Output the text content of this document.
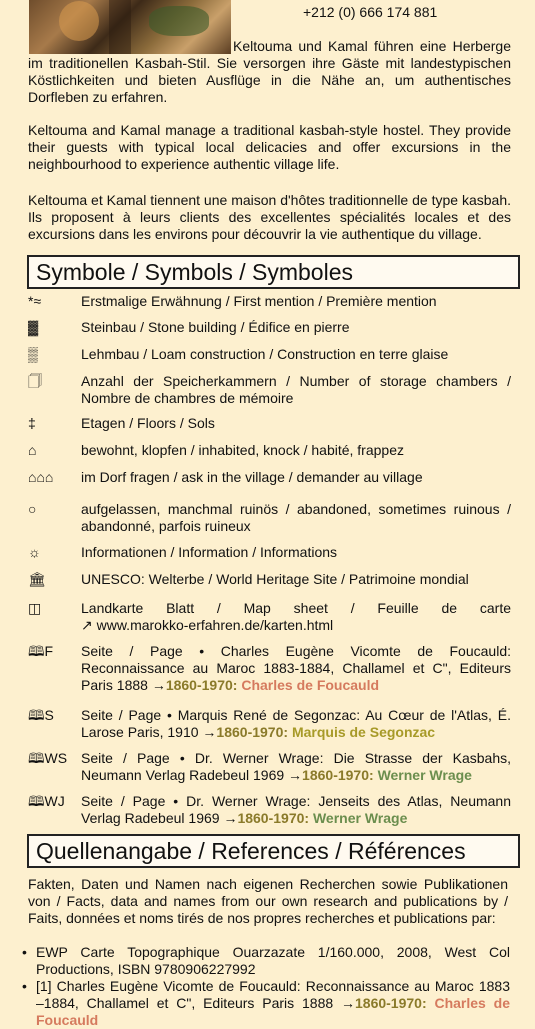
+212 (0) 666 174 881
Keltouma und Kamal führen eine Herberge im traditionellen Kasbah-Stil. Sie versorgen ihre Gäste mit landestypischen Köstlichkeiten und bieten Ausflüge in die Nähe an, um authentisches Dorfleben zu erfahren.
Keltouma and Kamal manage a traditional kasbah-style hostel. They provide their guests with typical local delicacies and offer excursions in the neighbourhood to experience authentic village life.
Keltouma et Kamal tiennent une maison d'hôtes traditionnelle de type kasbah. Ils proposent à leurs clients des excellentes spécialités locales et des excursions dans les environs pour découvrir la vie authentique du village.
Symbole / Symbols / Symboles
*≈	Erstmalige Erwähnung / First mention / Première mention
▓	Steinbau / Stone building / Édifice en pierre
▒	Lehmbau / Loam construction / Construction en terre glaise
🗍	Anzahl der Speicherkammern / Number of storage chambers / Nombre de chambres de mémoire
‡	Etagen / Floors / Sols
⌂	bewohnt, klopfen / inhabited, knock / habité, frappez
⌂⌂⌂	im Dorf fragen / ask in the village / demander au village
○	aufgelassen, manchmal ruinös / abandoned, sometimes ruinous / abandonné, parfois ruineux
☼	Informationen / Information / Informations
🏛	UNESCO: Welterbe / World Heritage Site / Patrimoine mondial
◫	Landkarte Blatt / Map sheet / Feuille de carte
↗ www.marokko-erfahren.de/karten.html
🕮F	Seite / Page • Charles Eugène Vicomte de Foucauld: Reconnaissance au Maroc 1883-1884, Challamel et C", Editeurs Paris 1888 →1860-1970: Charles de Foucauld
🕮S	Seite / Page • Marquis René de Segonzac: Au Cœur de l'Atlas, É. Larose Paris, 1910 →1860-1970: Marquis de Segonzac
🕮WS Seite / Page • Dr. Werner Wrage: Die Strasse der Kasbahs, Neumann Verlag Radebeul 1969 →1860-1970: Werner Wrage
🕮WJ	Seite / Page • Dr. Werner Wrage: Jenseits des Atlas, Neumann Verlag Radebeul 1969 →1860-1970: Werner Wrage
Quellenangabe / References / Références
Fakten, Daten und Namen nach eigenen Recherchen sowie Publikationen von / Facts, data and names from our own research and publications by / Faits, données et noms tirés de nos propres recherches et publications par:
• EWP Carte Topographique Ouarzazate 1/160.000, 2008, West Col Productions, ISBN 9780906227992
• [1] Charles Eugène Vicomte de Foucauld: Reconnaissance au Maroc 1883 –1884, Challamel et C", Editeurs Paris 1888 →1860-1970: Charles de Foucauld
